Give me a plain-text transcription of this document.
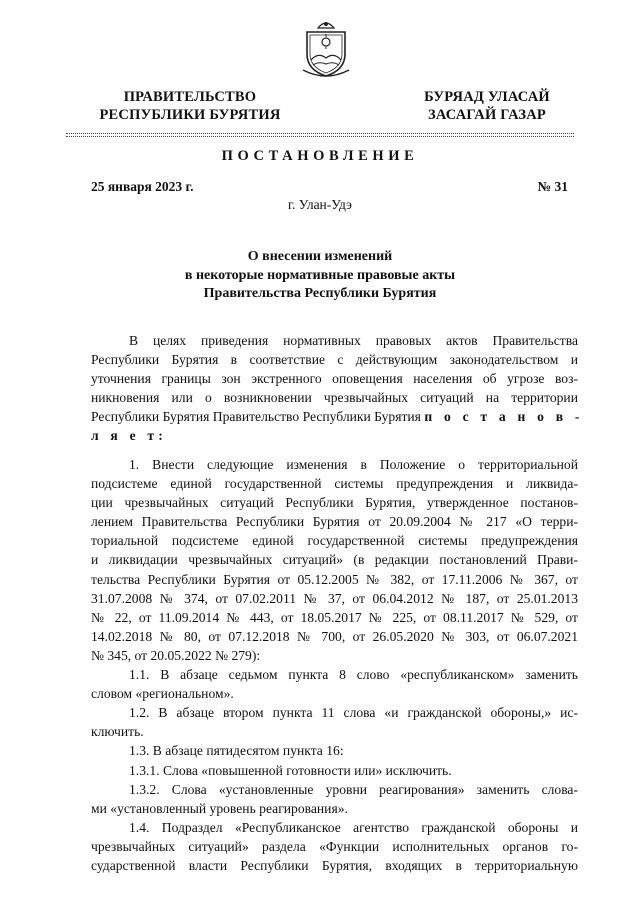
ПРАВИТЕЛЬСТВО
РЕСПУБЛИКИ БУРЯТИЯ
БУРЯАД УЛАСАЙ
ЗАСАГАЙ ГАЗАР
ПОСТАНОВЛЕНИЕ
25 января 2023 г.	№ 31
г. Улан-Удэ
О внесении изменений
в некоторые нормативные правовые акты
Правительства Республики Бурятия
В целях приведения нормативных правовых актов Правительства
Республики Бурятия в соответствие с действующим законодательством и
уточнения границы зон экстренного оповещения населения об угрозе воз-
никновения или о возникновении чрезвычайных ситуаций на территории
Республики Бурятия Правительство Республики Бурятия п о с т а н о в -
л я е т:
1. Внести следующие изменения в Положение о территориальной
подсистеме единой государственной системы предупреждения и ликвида-
ции чрезвычайных ситуаций Республики Бурятия, утвержденное постанов-
лением Правительства Республики Бурятия от 20.09.2004 № 217 «О терри-
ториальной подсистеме единой государственной системы предупреждения
и ликвидации чрезвычайных ситуаций» (в редакции постановлений Прави-
тельства Республики Бурятия от 05.12.2005 № 382, от 17.11.2006 № 367, от
31.07.2008 № 374, от 07.02.2011 № 37, от 06.04.2012 № 187, от 25.01.2013
№ 22, от 11.09.2014 № 443, от 18.05.2017 № 225, от 08.11.2017 № 529, от
14.02.2018 № 80, от 07.12.2018 № 700, от 26.05.2020 № 303, от 06.07.2021
№ 345, от 20.05.2022 № 279):
1.1. В абзаце седьмом пункта 8 слово «республиканском» заменить
словом «региональном».
1.2. В абзаце втором пункта 11 слова «и гражданской обороны,» ис-
ключить.
1.3. В абзаце пятидесятом пункта 16:
1.3.1. Слова «повышенной готовности или» исключить.
1.3.2. Слова «установленные уровни реагирования» заменить слова-
ми «установленный уровень реагирования».
1.4. Подраздел «Республиканское агентство гражданской обороны и
чрезвычайных ситуаций» раздела «Функции исполнительных органов го-
сударственной власти Республики Бурятия, входящих в территориальную
